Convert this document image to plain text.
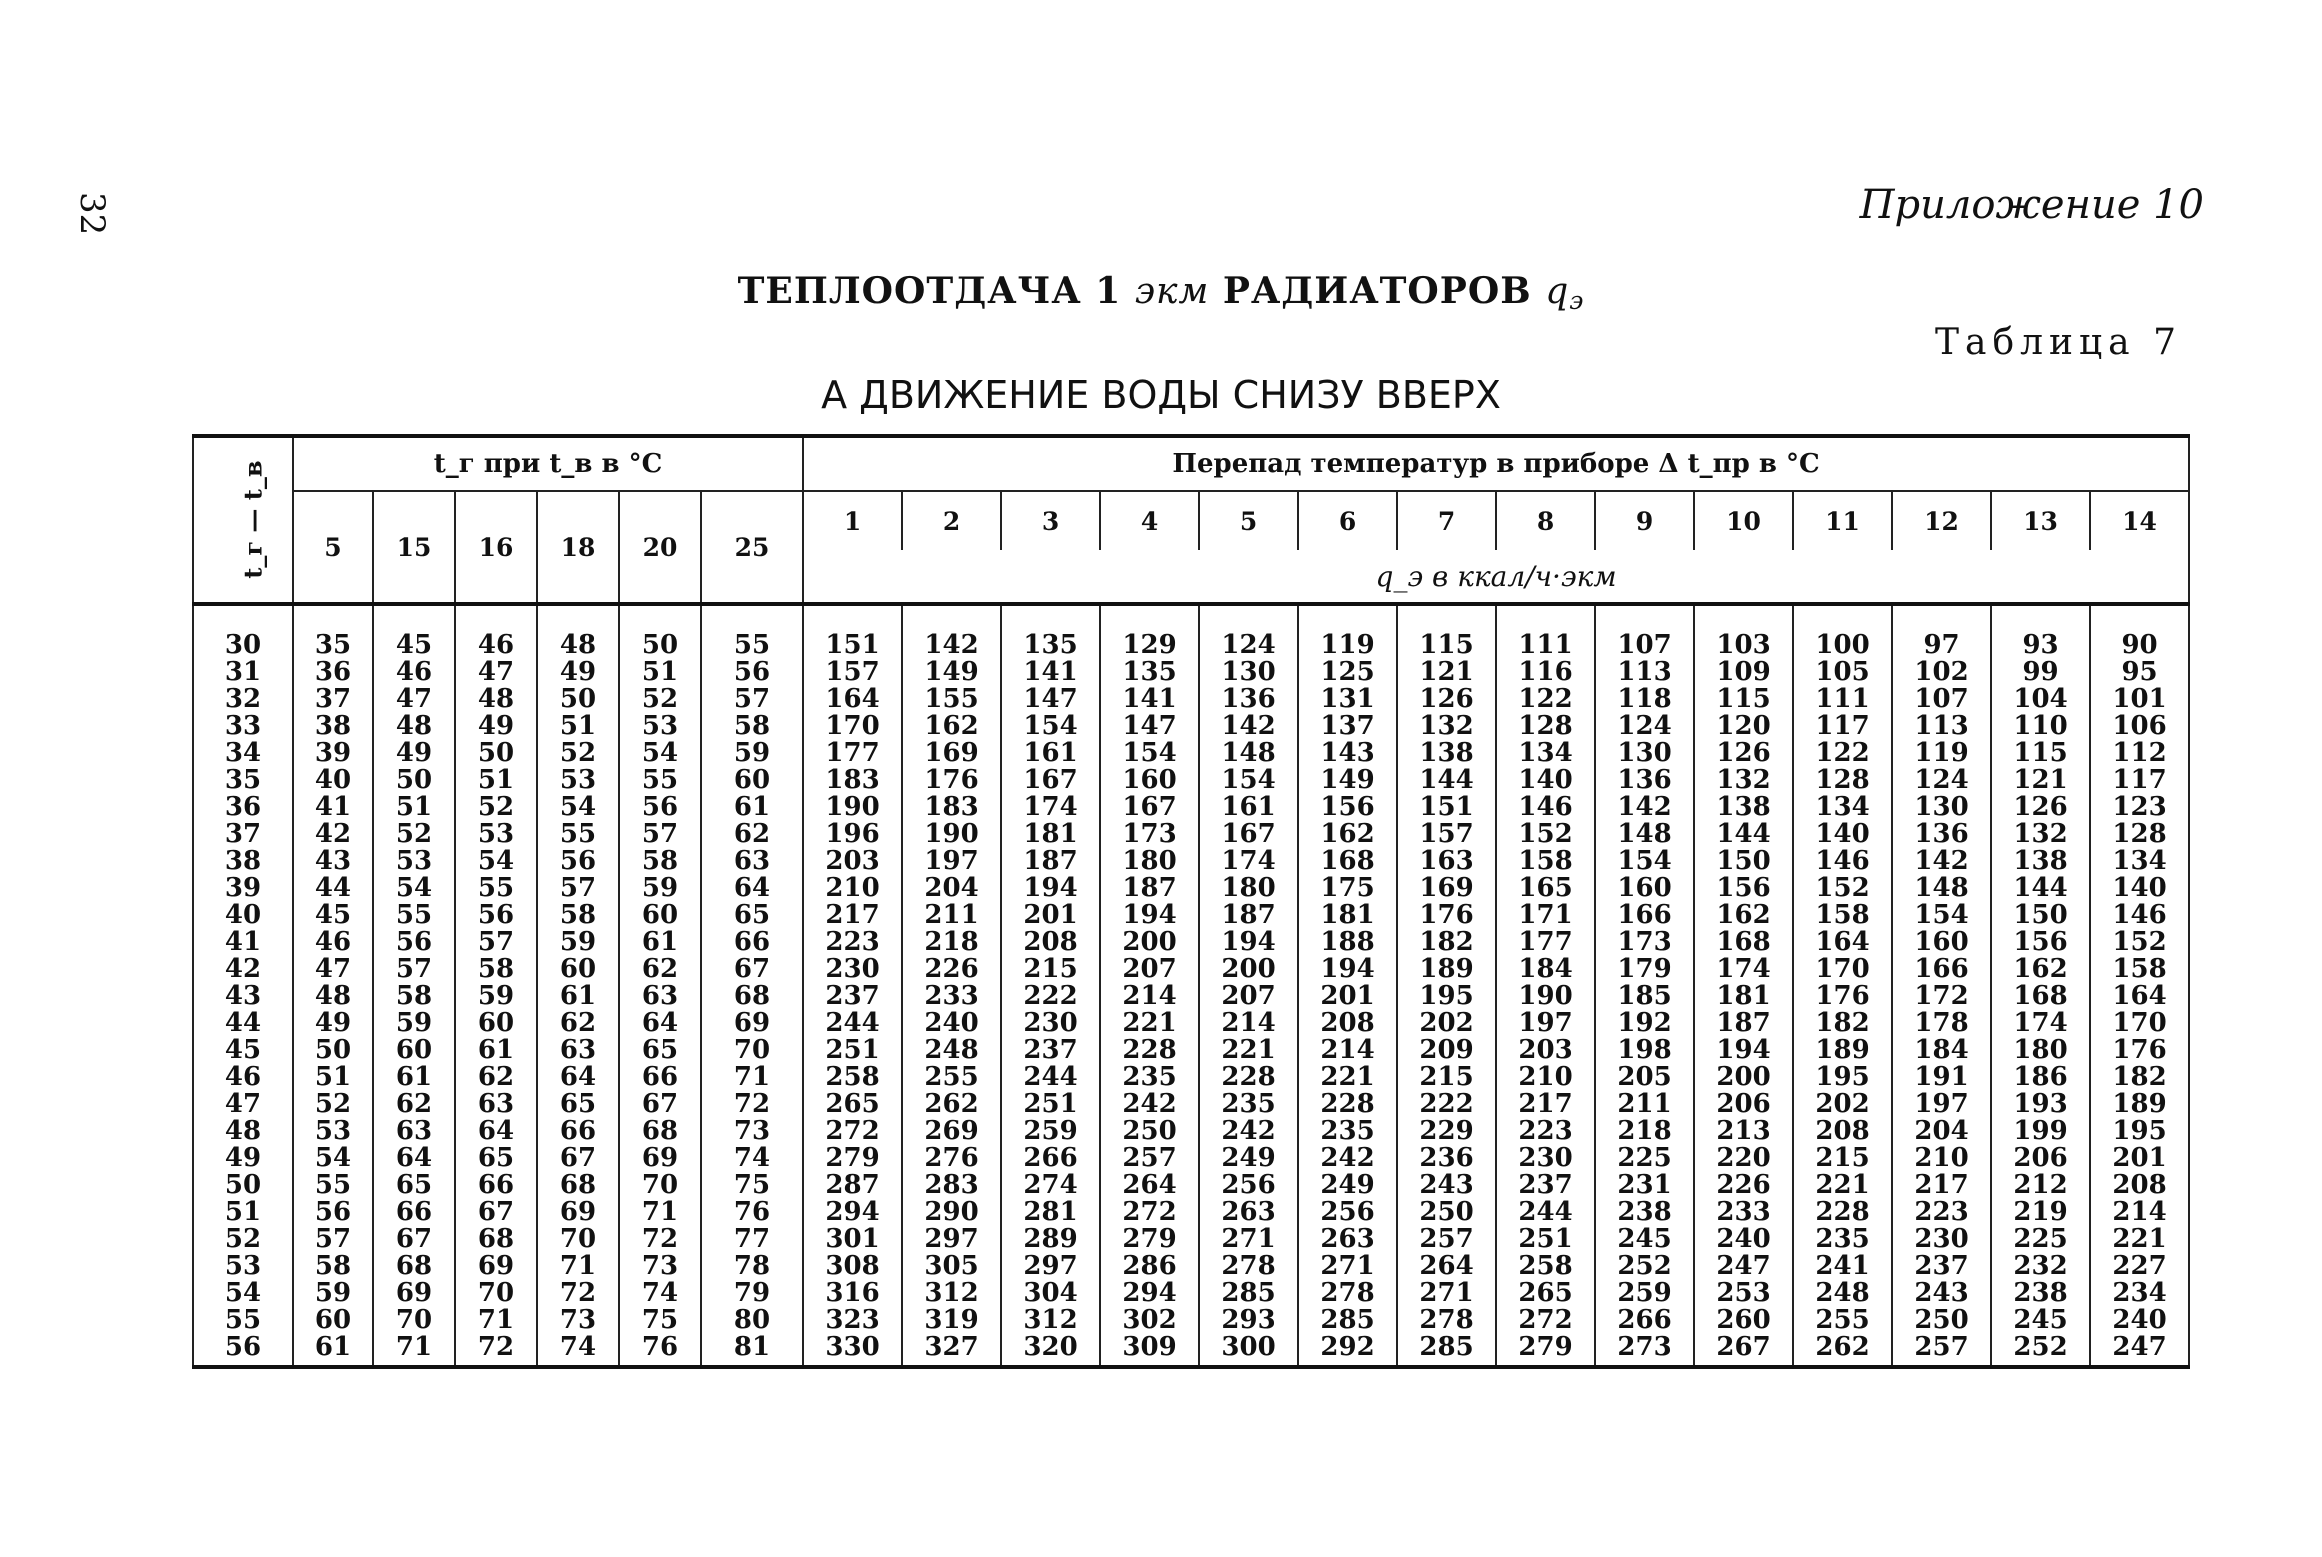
32	Приложение 10
ТЕПЛООТДАЧА 1 экм РАДИАТОРОВ $q_э$
Таблица 7
А ДВИЖЕНИЕ ВОДЫ СНИЗУ ВВЕРХ
t_г — t_в	t_г при t_в в °C						Перепад температур в приборе Δ t_пр в °C													
	5	15	16	18	20	25	1	2	3	4	5	6	7	8	9	10	11	12	13	14
							q_э в ккал/ч·экм													
30	35	45	46	48	50	55	151	142	135	129	124	119	115	111	107	103	100	97	93	90
31	36	46	47	49	51	56	157	149	141	135	130	125	121	116	113	109	105	102	99	95
32	37	47	48	50	52	57	164	155	147	141	136	131	126	122	118	115	111	107	104	101
33	38	48	49	51	53	58	170	162	154	147	142	137	132	128	124	120	117	113	110	106
34	39	49	50	52	54	59	177	169	161	154	148	143	138	134	130	126	122	119	115	112
35	40	50	51	53	55	60	183	176	167	160	154	149	144	140	136	132	128	124	121	117
36	41	51	52	54	56	61	190	183	174	167	161	156	151	146	142	138	134	130	126	123
37	42	52	53	55	57	62	196	190	181	173	167	162	157	152	148	144	140	136	132	128
38	43	53	54	56	58	63	203	197	187	180	174	168	163	158	154	150	146	142	138	134
39	44	54	55	57	59	64	210	204	194	187	180	175	169	165	160	156	152	148	144	140
40	45	55	56	58	60	65	217	211	201	194	187	181	176	171	166	162	158	154	150	146
41	46	56	57	59	61	66	223	218	208	200	194	188	182	177	173	168	164	160	156	152
42	47	57	58	60	62	67	230	226	215	207	200	194	189	184	179	174	170	166	162	158
43	48	58	59	61	63	68	237	233	222	214	207	201	195	190	185	181	176	172	168	164
44	49	59	60	62	64	69	244	240	230	221	214	208	202	197	192	187	182	178	174	170
45	50	60	61	63	65	70	251	248	237	228	221	214	209	203	198	194	189	184	180	176
46	51	61	62	64	66	71	258	255	244	235	228	221	215	210	205	200	195	191	186	182
47	52	62	63	65	67	72	265	262	251	242	235	228	222	217	211	206	202	197	193	189
48	53	63	64	66	68	73	272	269	259	250	242	235	229	223	218	213	208	204	199	195
49	54	64	65	67	69	74	279	276	266	257	249	242	236	230	225	220	215	210	206	201
50	55	65	66	68	70	75	287	283	274	264	256	249	243	237	231	226	221	217	212	208
51	56	66	67	69	71	76	294	290	281	272	263	256	250	244	238	233	228	223	219	214
52	57	67	68	70	72	77	301	297	289	279	271	263	257	251	245	240	235	230	225	221
53	58	68	69	71	73	78	308	305	297	286	278	271	264	258	252	247	241	237	232	227
54	59	69	70	72	74	79	316	312	304	294	285	278	271	265	259	253	248	243	238	234
55	60	70	71	73	75	80	323	319	312	302	293	285	278	272	266	260	255	250	245	240
56	61	71	72	74	76	81	330	327	320	309	300	292	285	279	273	267	262	257	252	247
